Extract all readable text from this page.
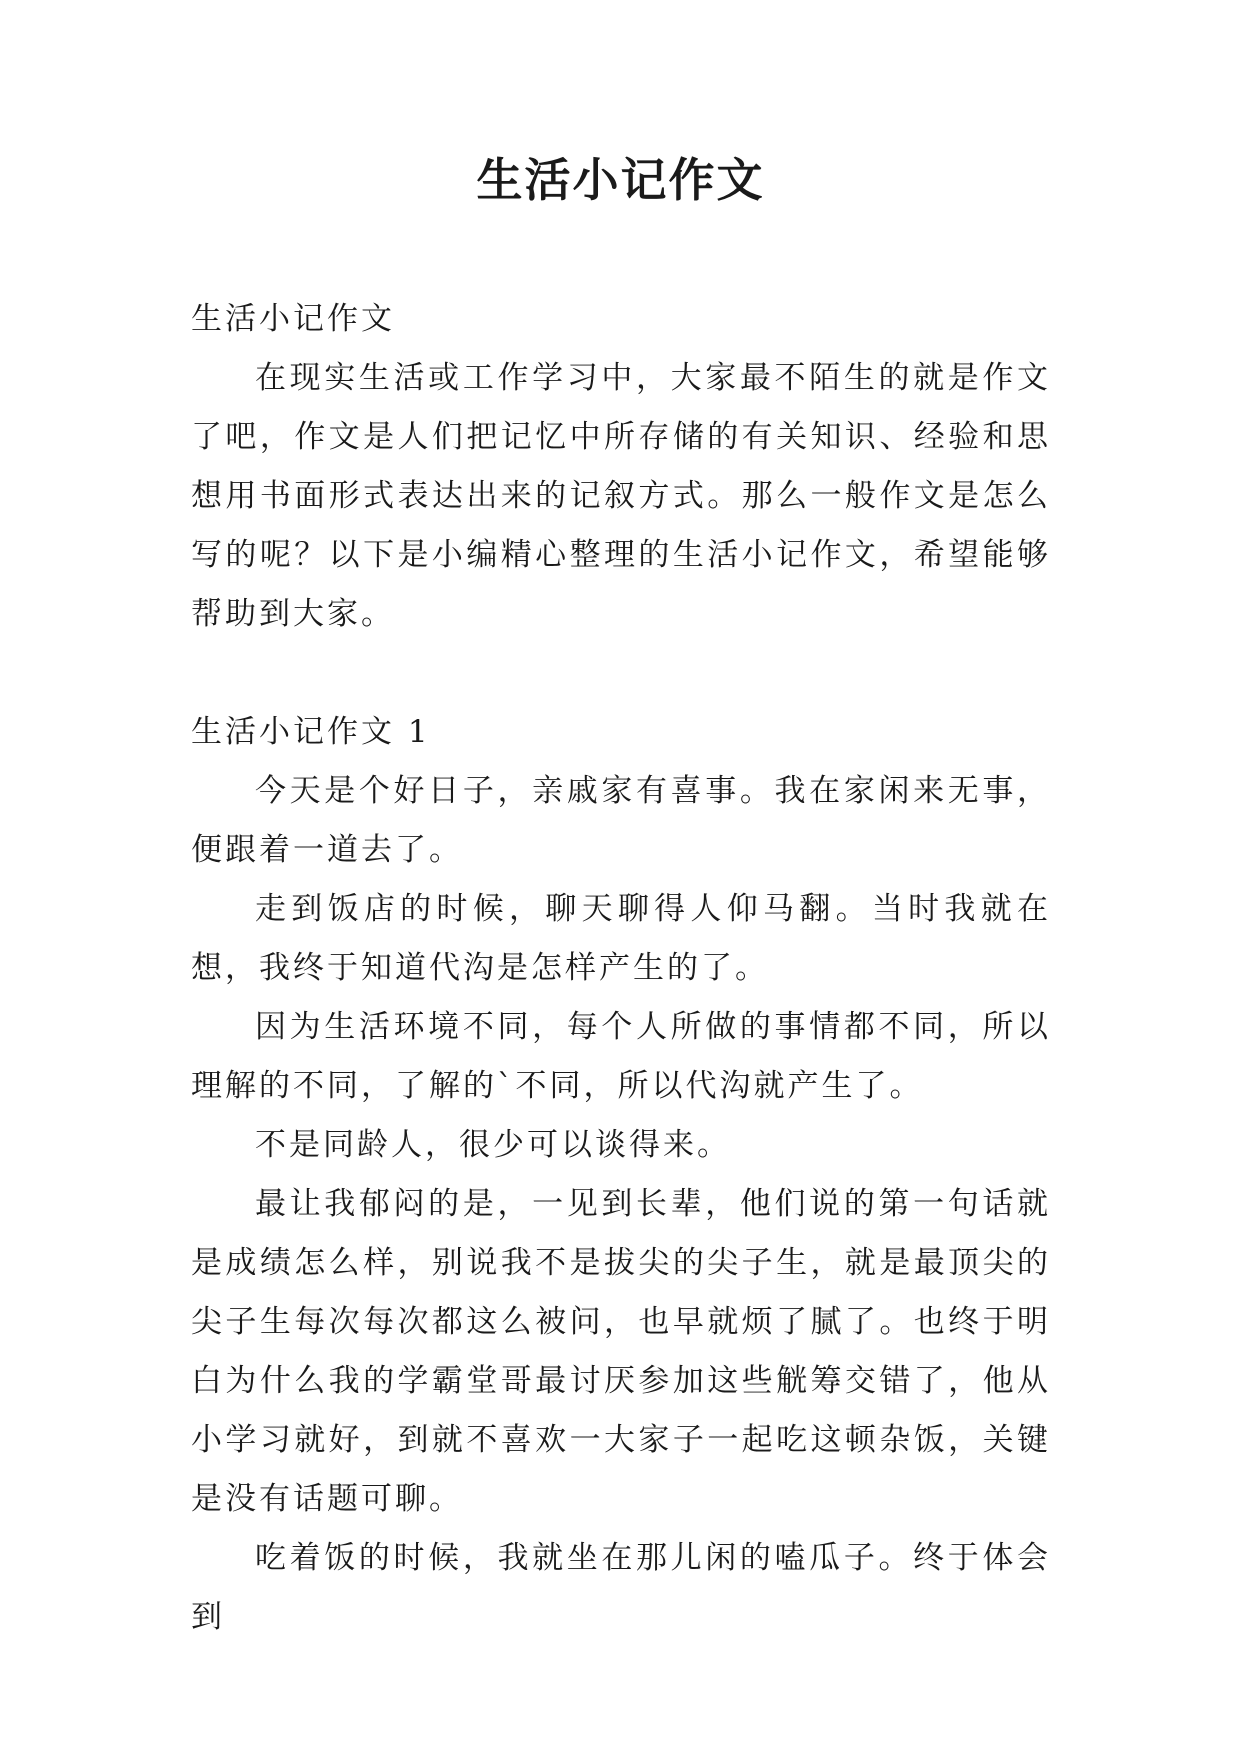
生活小记作文

生活小记作文

在现实生活或工作学习中，大家最不陌生的就是作文了吧，作文是人们把记忆中所存储的有关知识、经验和思想用书面形式表达出来的记叙方式。那么一般作文是怎么写的呢？以下是小编精心整理的生活小记作文，希望能够帮助到大家。

生活小记作文 1

今天是个好日子，亲戚家有喜事。我在家闲来无事，便跟着一道去了。

走到饭店的时候，聊天聊得人仰马翻。当时我就在想，我终于知道代沟是怎样产生的了。

因为生活环境不同，每个人所做的事情都不同，所以理解的不同，了解的`不同，所以代沟就产生了。

不是同龄人，很少可以谈得来。

最让我郁闷的是，一见到长辈，他们说的第一句话就是成绩怎么样，别说我不是拔尖的尖子生，就是最顶尖的尖子生每次每次都这么被问，也早就烦了腻了。也终于明白为什么我的学霸堂哥最讨厌参加这些觥筹交错了，他从小学习就好，到就不喜欢一大家子一起吃这顿杂饭，关键是没有话题可聊。

吃着饭的时候，我就坐在那儿闲的嗑瓜子。终于体会到
